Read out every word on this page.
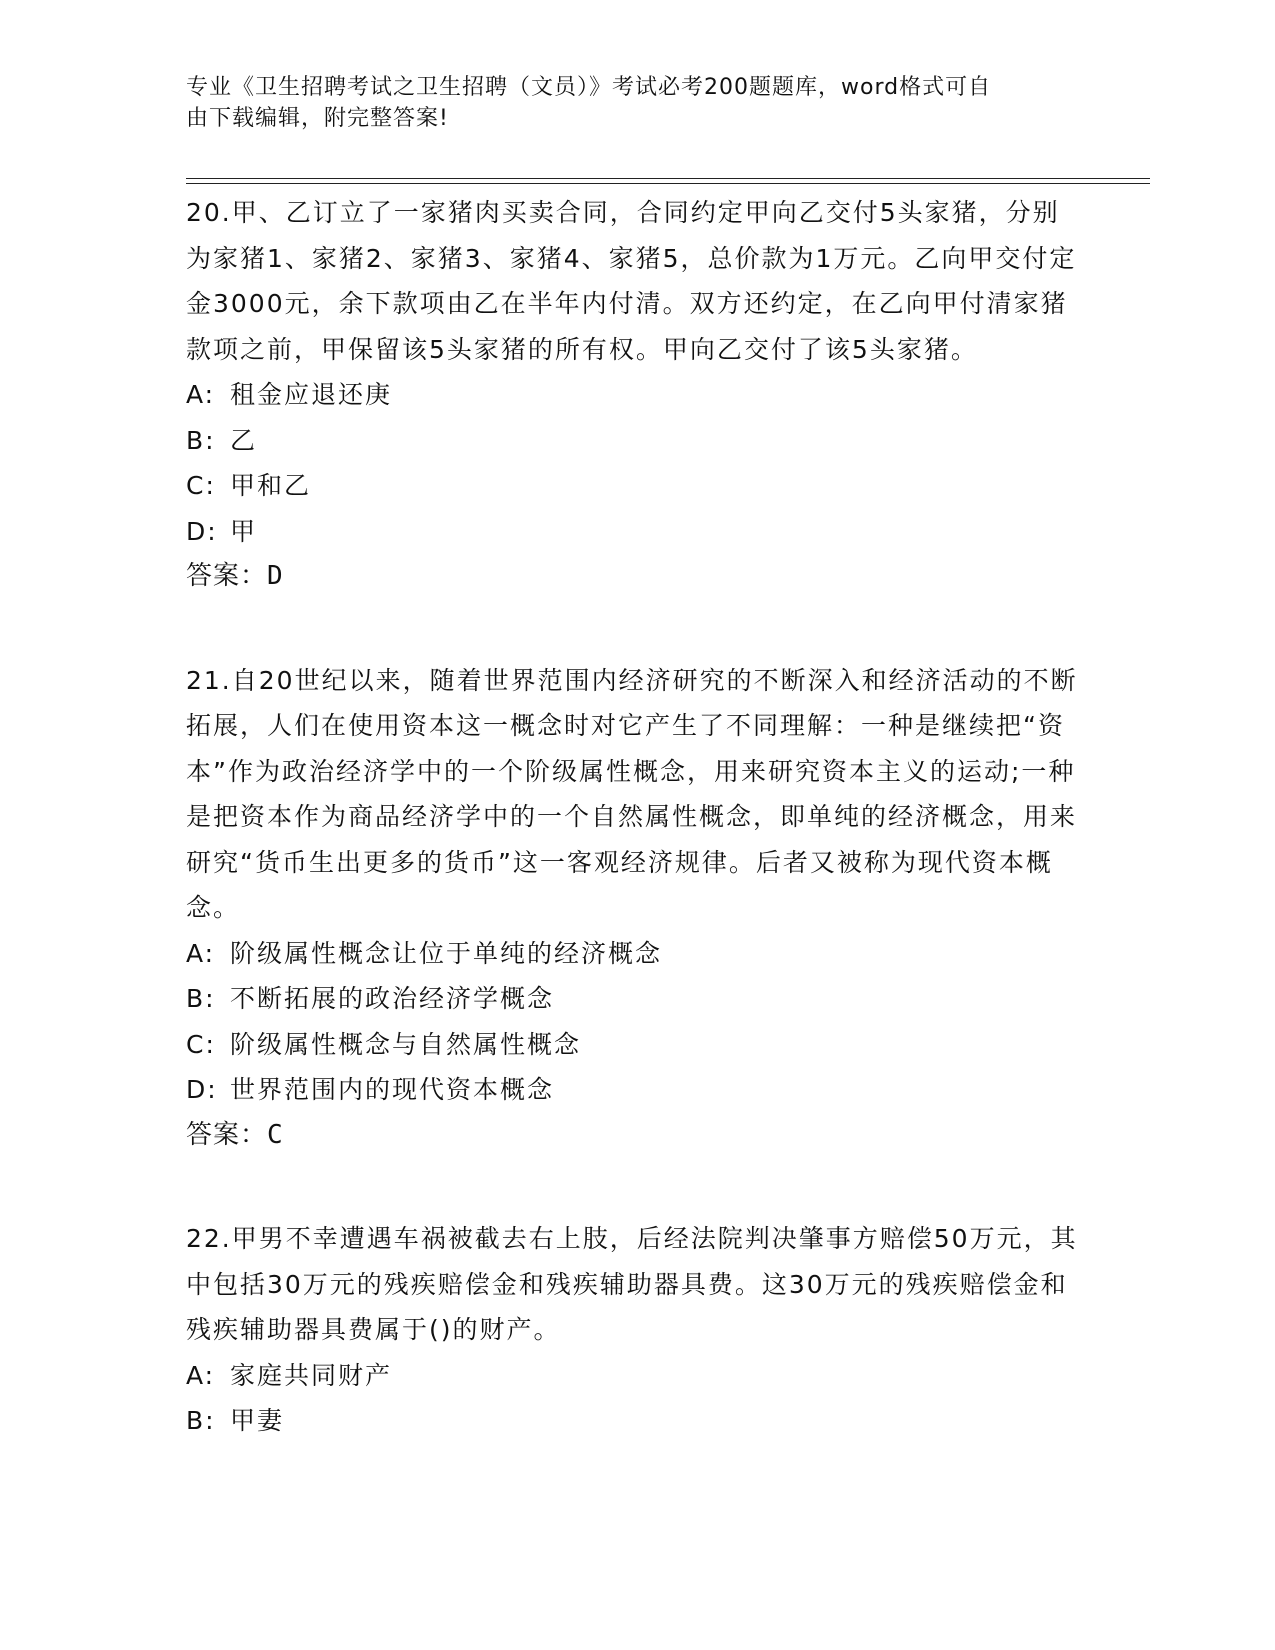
专业《卫生招聘考试之卫生招聘（文员）》考试必考200题题库，word格式可自
由下载编辑，附完整答案!

20.甲、乙订立了一家猪肉买卖合同，合同约定甲向乙交付5头家猪，分别为家猪1、家猪2、家猪3、家猪4、家猪5，总价款为1万元。乙向甲交付定金3000元，余下款项由乙在半年内付清。双方还约定，在乙向甲付清家猪款项之前，甲保留该5头家猪的所有权。甲向乙交付了该5头家猪。

A: 租金应退还庚

B: 乙

C: 甲和乙

D: 甲

答案：D

21.自20世纪以来，随着世界范围内经济研究的不断深入和经济活动的不断拓展，人们在使用资本这一概念时对它产生了不同理解：一种是继续把“资本”作为政治经济学中的一个阶级属性概念，用来研究资本主义的运动;一种是把资本作为商品经济学中的一个自然属性概念，即单纯的经济概念，用来研究“货币生出更多的货币”这一客观经济规律。后者又被称为现代资本概念。

A: 阶级属性概念让位于单纯的经济概念

B: 不断拓展的政治经济学概念

C: 阶级属性概念与自然属性概念

D: 世界范围内的现代资本概念

答案：C

22.甲男不幸遭遇车祸被截去右上肢，后经法院判决肇事方赔偿50万元，其中包括30万元的残疾赔偿金和残疾辅助器具费。这30万元的残疾赔偿金和残疾辅助器具费属于()的财产。

A: 家庭共同财产

B: 甲妻
